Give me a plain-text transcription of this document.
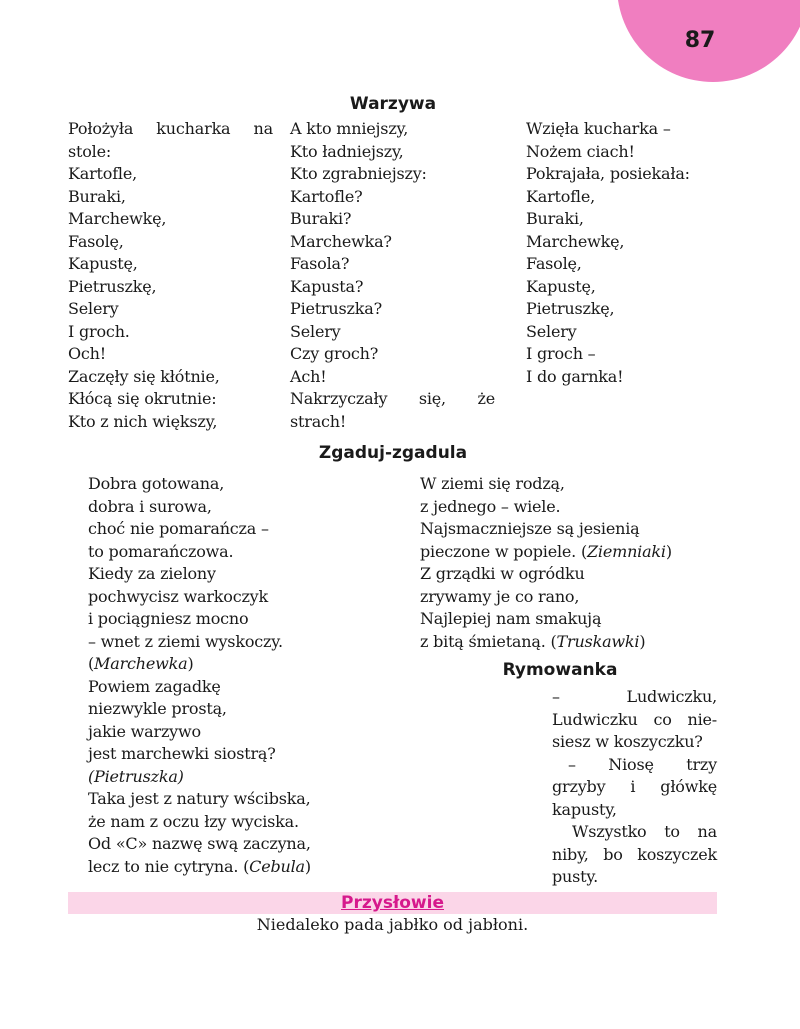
87
Warzywa
Położyła kucharka na
stole:
Kartofle,
Buraki,
Marchewkę,
Fasolę,
Kapustę,
Pietruszkę,
Selery
I groch.
Och!
Zaczęły się kłótnie,
Kłócą się okrutnie:
Kto z nich większy,
A kto mniejszy,
Kto ładniejszy,
Kto zgrabniejszy:
Kartofle?
Buraki?
Marchewka?
Fasola?
Kapusta?
Pietruszka?
Selery
Czy groch?
Ach!
Nakrzyczały się, że
strach!
Wzięła kucharka –
Nożem ciach!
Pokrajała, posiekała:
Kartofle,
Buraki,
Marchewkę,
Fasolę,
Kapustę,
Pietruszkę,
Selery
I groch –
I do garnka!
Zgaduj-zgadula
Dobra gotowana,
dobra i surowa,
choć nie pomarańcza –
to pomarańczowa.
Kiedy za zielony
pochwycisz warkoczyk
i pociągniesz mocno
– wnet z ziemi wyskoczy.
(Marchewka)
Powiem zagadkę
niezwykle prostą,
jakie warzywo
jest marchewki siostrą?
(Pietruszka)
Taka jest z natury wścibska,
że nam z oczu łzy wyciska.
Od «C» nazwę swą zaczyna,
lecz to nie cytryna. (Cebula)
W ziemi się rodzą,
z jednego – wiele.
Najsmaczniejsze są jesienią
pieczone w popiele. (Ziemniaki)
Z grządki w ogródku
zrywamy je co rano,
Najlepiej nam smakują
z bitą śmietaną. (Truskawki)
Rymowanka
– Ludwiczku,
Ludwiczku co nie-
siesz w koszyczku?
– Niosę trzy
grzyby i główkę
kapusty,
Wszystko to na
niby, bo koszyczek
pusty.
Przysłowie
Niedaleko pada jabłko od jabłoni.
